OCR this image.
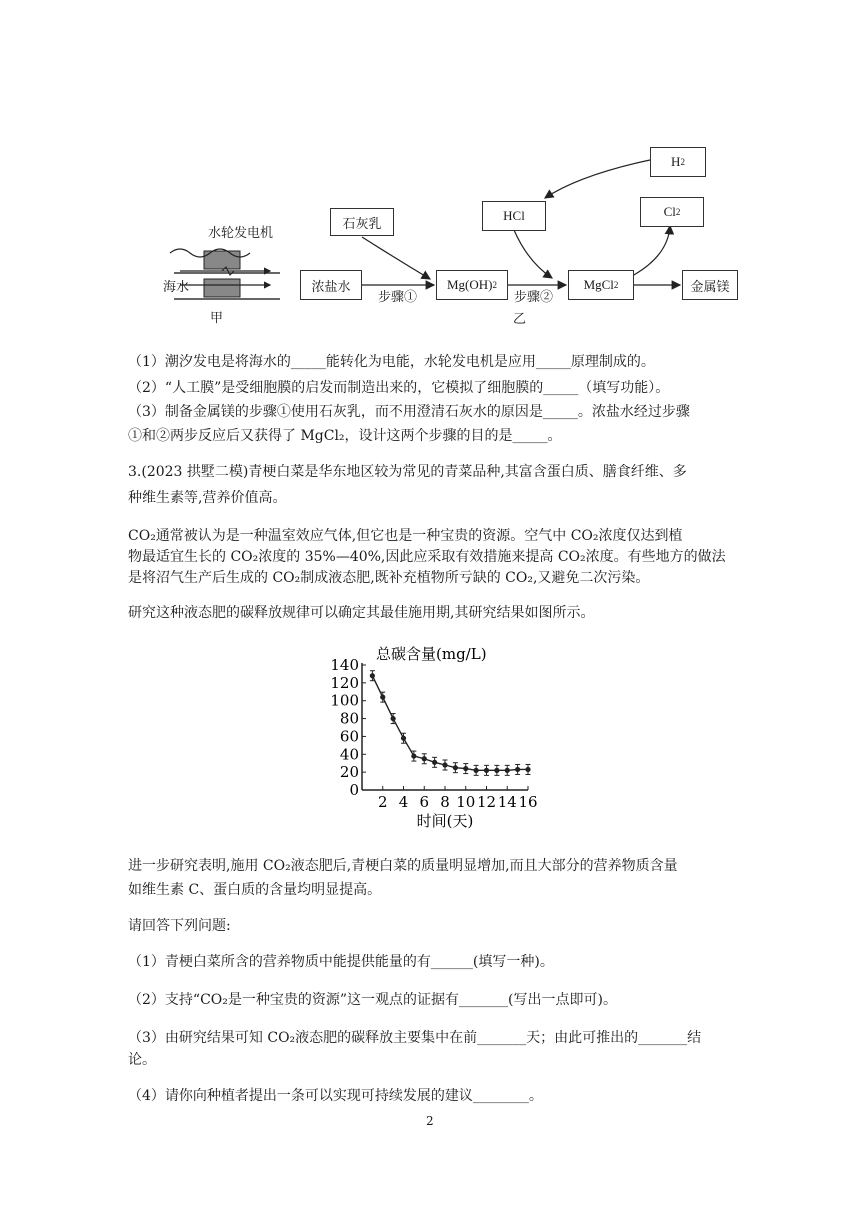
水轮发电机
海水
甲
石灰乳
浓盐水	Mg(OH) 2	MgCl 2	金属镁
HCl	Cl 2
H 2
步骤①	步骤②
乙
（1）潮汐发电是将海水的_____能转化为电能，水轮发电机是应用_____原理制成的。
（2）“人工膜”是受细胞膜的启发而制造出来的，它模拟了细胞膜的_____（填写功能）。
（3）制备金属镁的步骤①使用石灰乳，而不用澄清石灰水的原因是_____。浓盐水经过步骤
①和②两步反应后又获得了 MgCl₂，设计这两个步骤的目的是_____。
3.(2023 拱墅二模)青梗白菜是华东地区较为常见的青菜品种,其富含蛋白质、膳食纤维、多
种维生素等,营养价值高。
CO₂通常被认为是一种温室效应气体,但它也是一种宝贵的资源。空气中 CO₂浓度仅达到植
物最适宜生长的 CO₂浓度的 35%—40%,因此应采取有效措施来提高 CO₂浓度。有些地方的做法
是将沼气生产后生成的 CO₂制成液态肥,既补充植物所亏缺的 CO₂,又避免二次污染。
研究这种液态肥的碳释放规律可以确定其最佳施用期,其研究结果如图所示。
总碳含量(mg/L)
0
20
40
60
80
100
120
140
2 4 6 8 10 12 14 16
时间(天)
进一步研究表明,施用 CO₂液态肥后,青梗白菜的质量明显增加,而且大部分的营养物质含量
如维生素 C、蛋白质的含量均明显提高。
请回答下列问题:
（1）青梗白菜所含的营养物质中能提供能量的有______(填写一种)。
（2）支持“CO₂是一种宝贵的资源”这一观点的证据有_______(写出一点即可)。
（3）由研究结果可知 CO₂液态肥的碳释放主要集中在前_______天；由此可推出的_______结
论。
（4）请你向种植者提出一条可以实现可持续发展的建议________。
2
